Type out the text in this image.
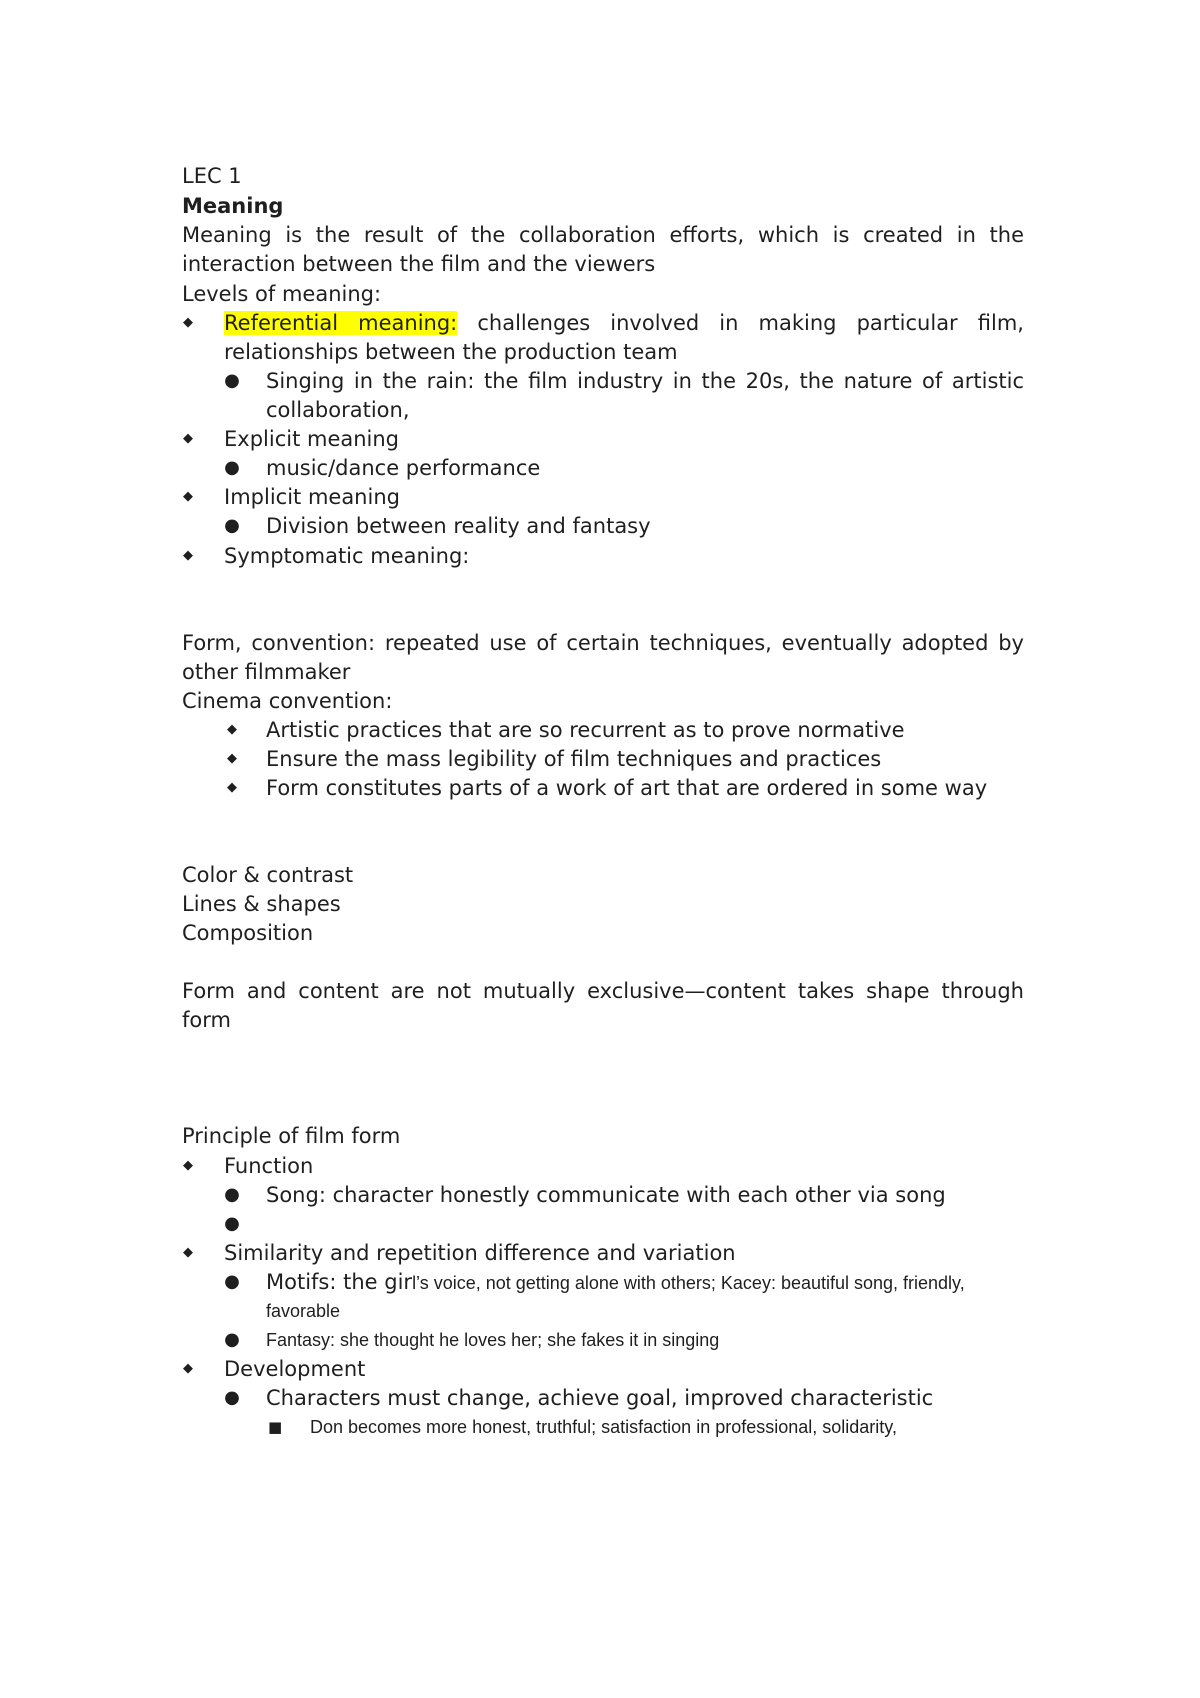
LEC 1
Meaning
Meaning is the result of the collaboration efforts, which is created in the
interaction between the film and the viewers
Levels of meaning:
◆ Referential meaning: challenges involved in making particular film,
relationships between the production team
● Singing in the rain: the film industry in the 20s, the nature of artistic
collaboration,
◆ Explicit meaning
● music/dance performance
◆ Implicit meaning
● Division between reality and fantasy
◆ Symptomatic meaning:
Form, convention: repeated use of certain techniques, eventually adopted by
other filmmaker
Cinema convention:
◆ Artistic practices that are so recurrent as to prove normative
◆ Ensure the mass legibility of film techniques and practices
◆ Form constitutes parts of a work of art that are ordered in some way
Color & contrast
Lines & shapes
Composition
Form and content are not mutually exclusive—content takes shape through
form
Principle of film form
◆ Function
● Song: character honestly communicate with each other via song
●
◆ Similarity and repetition difference and variation
● Motifs: the girl’s voice, not getting alone with others; Kacey: beautiful song, friendly,
favorable
● Fantasy: she thought he loves her; she fakes it in singing
◆ Development
● Characters must change, achieve goal, improved characteristic
■ Don becomes more honest, truthful; satisfaction in professional, solidarity,
